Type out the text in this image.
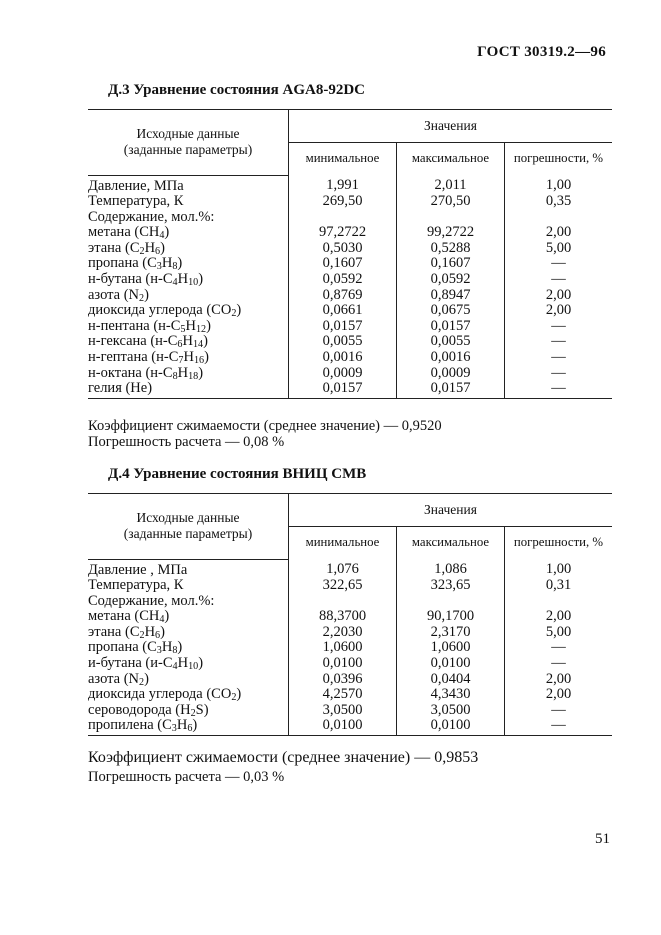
ГОСТ 30319.2—96
Д.3 Уравнение состояния AGA8-92DC
Исходные данные
(заданные параметры)	Значения		
	минимальное	максимальное	погрешности, %
Давление, МПа	1,991	2,011	1,00
Температура, К	269,50	270,50	0,35
Содержание, мол.%:			
метана $(CH_4)$	97,2722	99,2722	2,00
этана $(C_2H_6)$	0,5030	0,5288	5,00
пропана $(C_3H_8)$	0,1607	0,1607	—
н-бутана $(н-C_4H_{10})$	0,0592	0,0592	—
азота $(N_2)$	0,8769	0,8947	2,00
диоксида углерода $(CO_2)$	0,0661	0,0675	2,00
н-пентана $(н-C_5H_{12})$	0,0157	0,0157	—
н-гексана $(н-C_6H_{14})$	0,0055	0,0055	—
н-гептана $(н-C_7H_{16})$	0,0016	0,0016	—
н-октана $(н-C_8H_{18})$	0,0009	0,0009	—
гелия (He)	0,0157	0,0157	—
Коэффициент сжимаемости (среднее значение) — 0,9520
Погрешность расчета — 0,08 %
Д.4 Уравнение состояния ВНИЦ СМВ
Исходные данные
(заданные параметры)	Значения		
	минимальное	максимальное	погрешности, %
Давление , МПа	1,076	1,086	1,00
Температура, К	322,65	323,65	0,31
Содержание, мол.%:			
метана $(CH_4)$	88,3700	90,1700	2,00
этана $(C_2H_6)$	2,2030	2,3170	5,00
пропана $(C_3H_8)$	1,0600	1,0600	—
и-бутана $(и-C_4H_{10})$	0,0100	0,0100	—
азота $(N_2)$	0,0396	0,0404	2,00
диоксида углерода $(CO_2)$	4,2570	4,3430	2,00
сероводорода $(H_2S)$	3,0500	3,0500	—
пропилена $(C_3H_6)$	0,0100	0,0100	—
Коэффициент сжимаемости (среднее значение) — 0,9853
Погрешность расчета — 0,03 %
51
